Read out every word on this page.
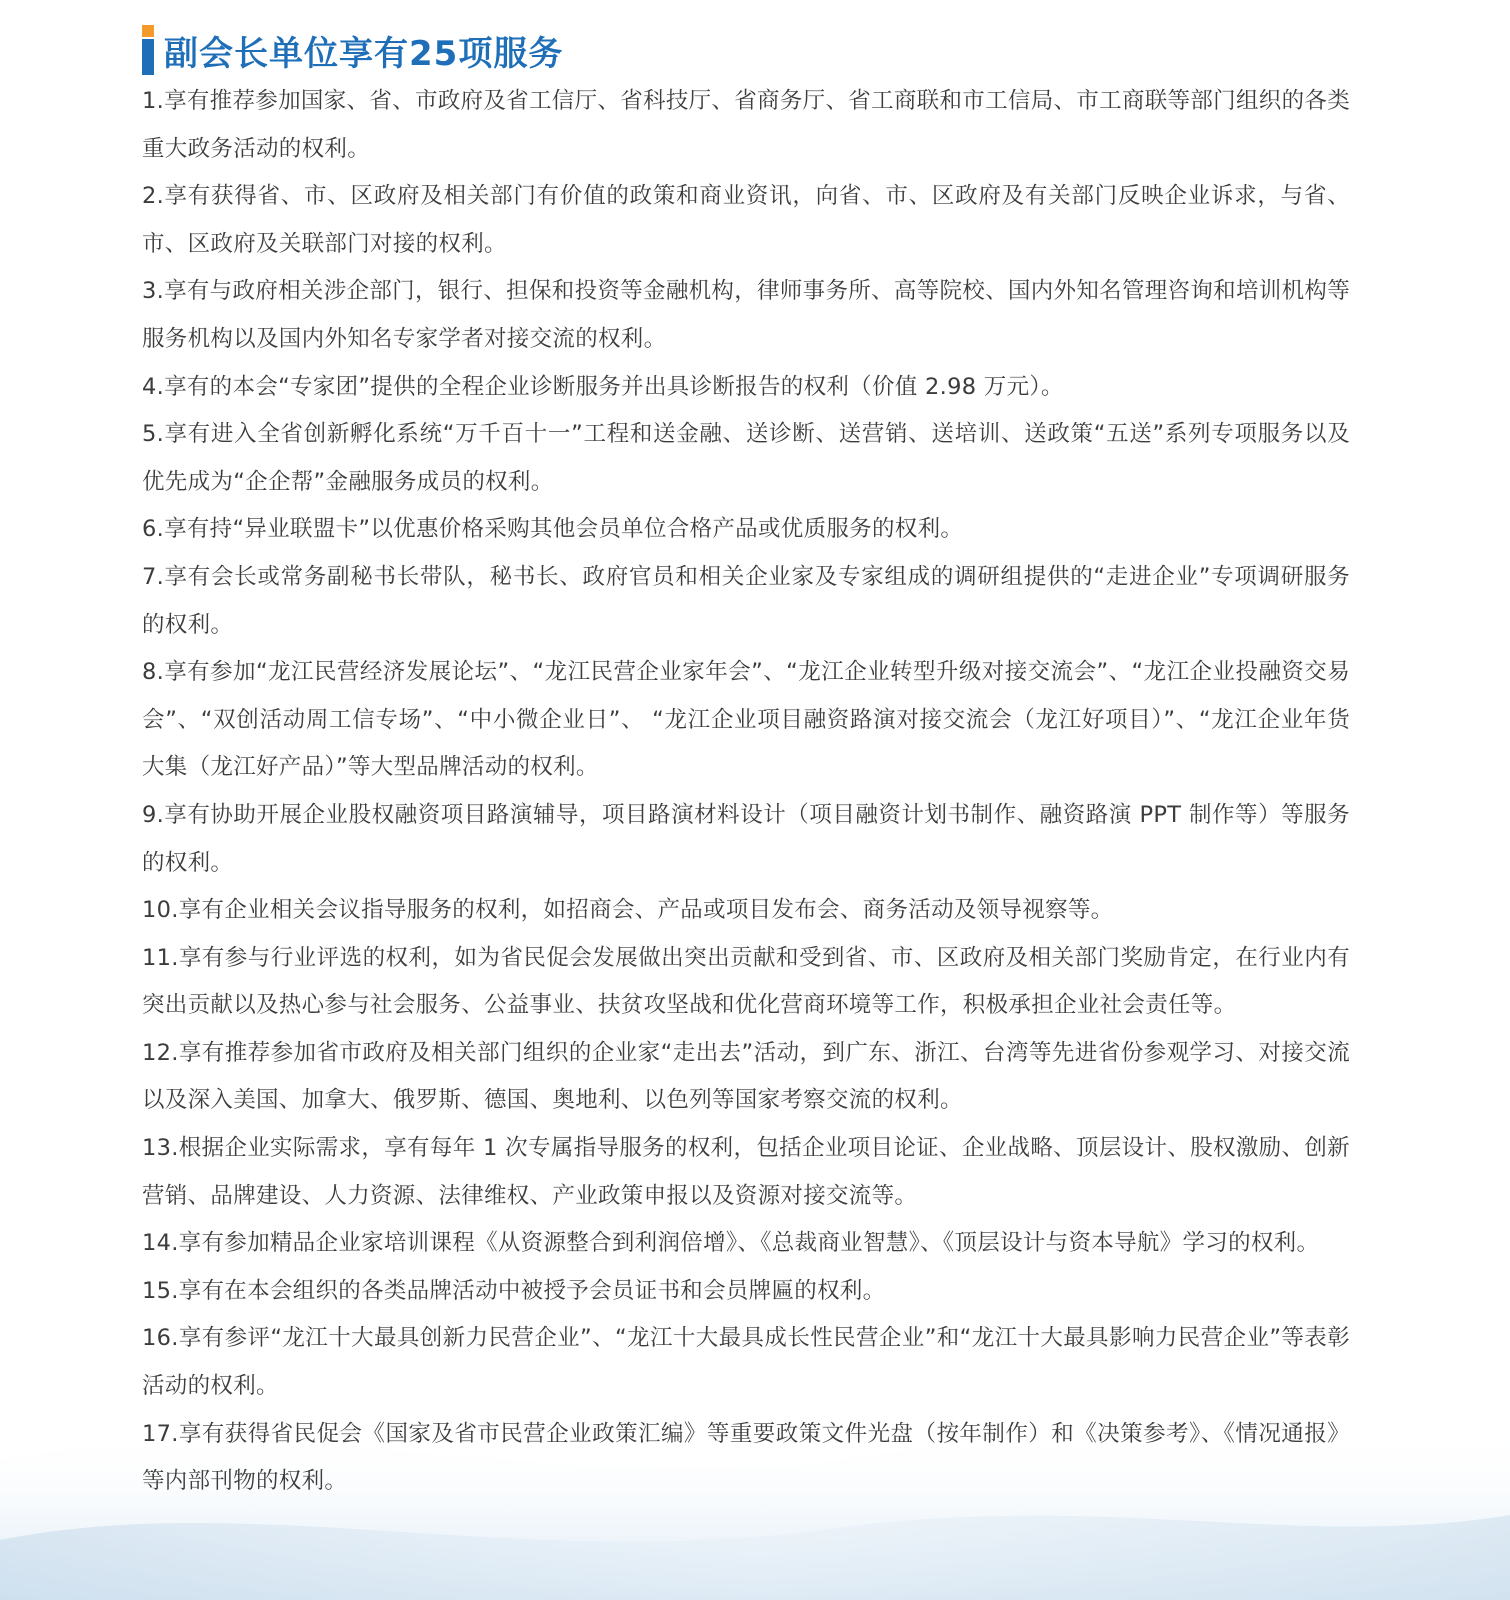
副会长单位享有25项服务
1.享有推荐参加国家、省、市政府及省工信厅、省科技厅、省商务厅、省工商联和市工信局、市工商联等部门组织的各类重大政务活动的权利。
2.享有获得省、市、区政府及相关部门有价值的政策和商业资讯，向省、市、区政府及有关部门反映企业诉求，与省、市、区政府及关联部门对接的权利。
3.享有与政府相关涉企部门，银行、担保和投资等金融机构，律师事务所、高等院校、国内外知名管理咨询和培训机构等服务机构以及国内外知名专家学者对接交流的权利。
4.享有的本会“专家团”提供的全程企业诊断服务并出具诊断报告的权利（价值 2.98 万元）。
5.享有进入全省创新孵化系统“万千百十一”工程和送金融、送诊断、送营销、送培训、送政策“五送”系列专项服务以及优先成为“企企帮”金融服务成员的权利。
6.享有持“异业联盟卡”以优惠价格采购其他会员单位合格产品或优质服务的权利。
7.享有会长或常务副秘书长带队，秘书长、政府官员和相关企业家及专家组成的调研组提供的“走进企业”专项调研服务的权利。
8.享有参加“龙江民营经济发展论坛”、“龙江民营企业家年会”、“龙江企业转型升级对接交流会”、“龙江企业投融资交易会”、“双创活动周工信专场”、“中小微企业日”、 “龙江企业项目融资路演对接交流会（龙江好项目）”、“龙江企业年货大集（龙江好产品）”等大型品牌活动的权利。
9.享有协助开展企业股权融资项目路演辅导，项目路演材料设计（项目融资计划书制作、融资路演 PPT 制作等）等服务的权利。
10.享有企业相关会议指导服务的权利，如招商会、产品或项目发布会、商务活动及领导视察等。
11.享有参与行业评选的权利，如为省民促会发展做出突出贡献和受到省、市、区政府及相关部门奖励肯定，在行业内有突出贡献以及热心参与社会服务、公益事业、扶贫攻坚战和优化营商环境等工作，积极承担企业社会责任等。
12.享有推荐参加省市政府及相关部门组织的企业家“走出去”活动，到广东、浙江、台湾等先进省份参观学习、对接交流以及深入美国、加拿大、俄罗斯、德国、奥地利、以色列等国家考察交流的权利。
13.根据企业实际需求，享有每年 1 次专属指导服务的权利，包括企业项目论证、企业战略、顶层设计、股权激励、创新营销、品牌建设、人力资源、法律维权、产业政策申报以及资源对接交流等。
14.享有参加精品企业家培训课程《从资源整合到利润倍增》、《总裁商业智慧》、《顶层设计与资本导航》学习的权利。
15.享有在本会组织的各类品牌活动中被授予会员证书和会员牌匾的权利。
16.享有参评“龙江十大最具创新力民营企业”、“龙江十大最具成长性民营企业”和“龙江十大最具影响力民营企业”等表彰活动的权利。
17.享有获得省民促会《国家及省市民营企业政策汇编》等重要政策文件光盘（按年制作）和《决策参考》、《情况通报》等内部刊物的权利。
